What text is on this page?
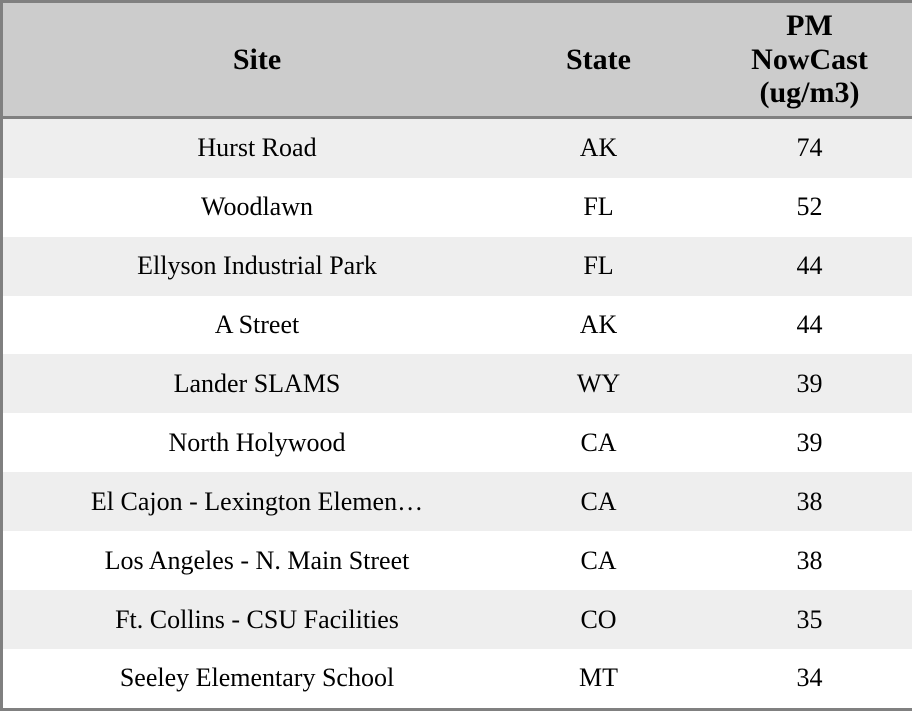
Site	State	PM
NowCast
(ug/m3)
Hurst Road	AK	74
Woodlawn	FL	52
Ellyson Industrial Park	FL	44
A Street	AK	44
Lander SLAMS	WY	39
North Holywood	CA	39
El Cajon - Lexington Elemen…	CA	38
Los Angeles - N. Main Street	CA	38
Ft. Collins - CSU Facilities	CO	35
Seeley Elementary School	MT	34
